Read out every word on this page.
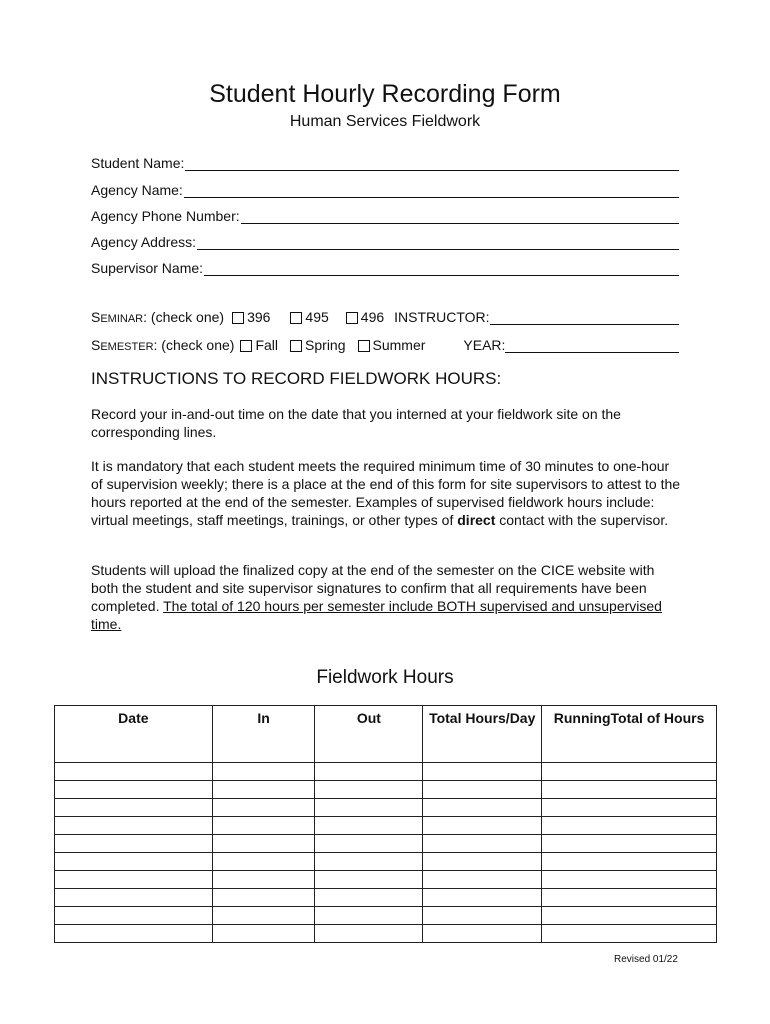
Student Hourly Recording Form
Human Services Fieldwork
Student Name:
Agency Name:
Agency Phone Number:
Agency Address:
Supervisor Name:
SEMINAR: (check one) 396	495 496 INSTRUCTOR:
SEMESTER: (check one) Fall Spring Summer	YEAR:
INSTRUCTIONS TO RECORD FIELDWORK HOURS:
Record your in-and-out time on the date that you interned at your fieldwork site on the corresponding lines.
It is mandatory that each student meets the required minimum time of 30 minutes to one-hour of supervision weekly; there is a place at the end of this form for site supervisors to attest to the hours reported at the end of the semester. Examples of supervised fieldwork hours include: virtual meetings, staff meetings, trainings, or other types of direct contact with the supervisor.
Students will upload the finalized copy at the end of the semester on the CICE website with both the student and site supervisor signatures to confirm that all requirements have been completed. The total of 120 hours per semester include BOTH supervised and unsupervised time.
Fieldwork Hours
Date	In	Out	Total Hours/Day	RunningTotal of Hours

Revised 01/22
